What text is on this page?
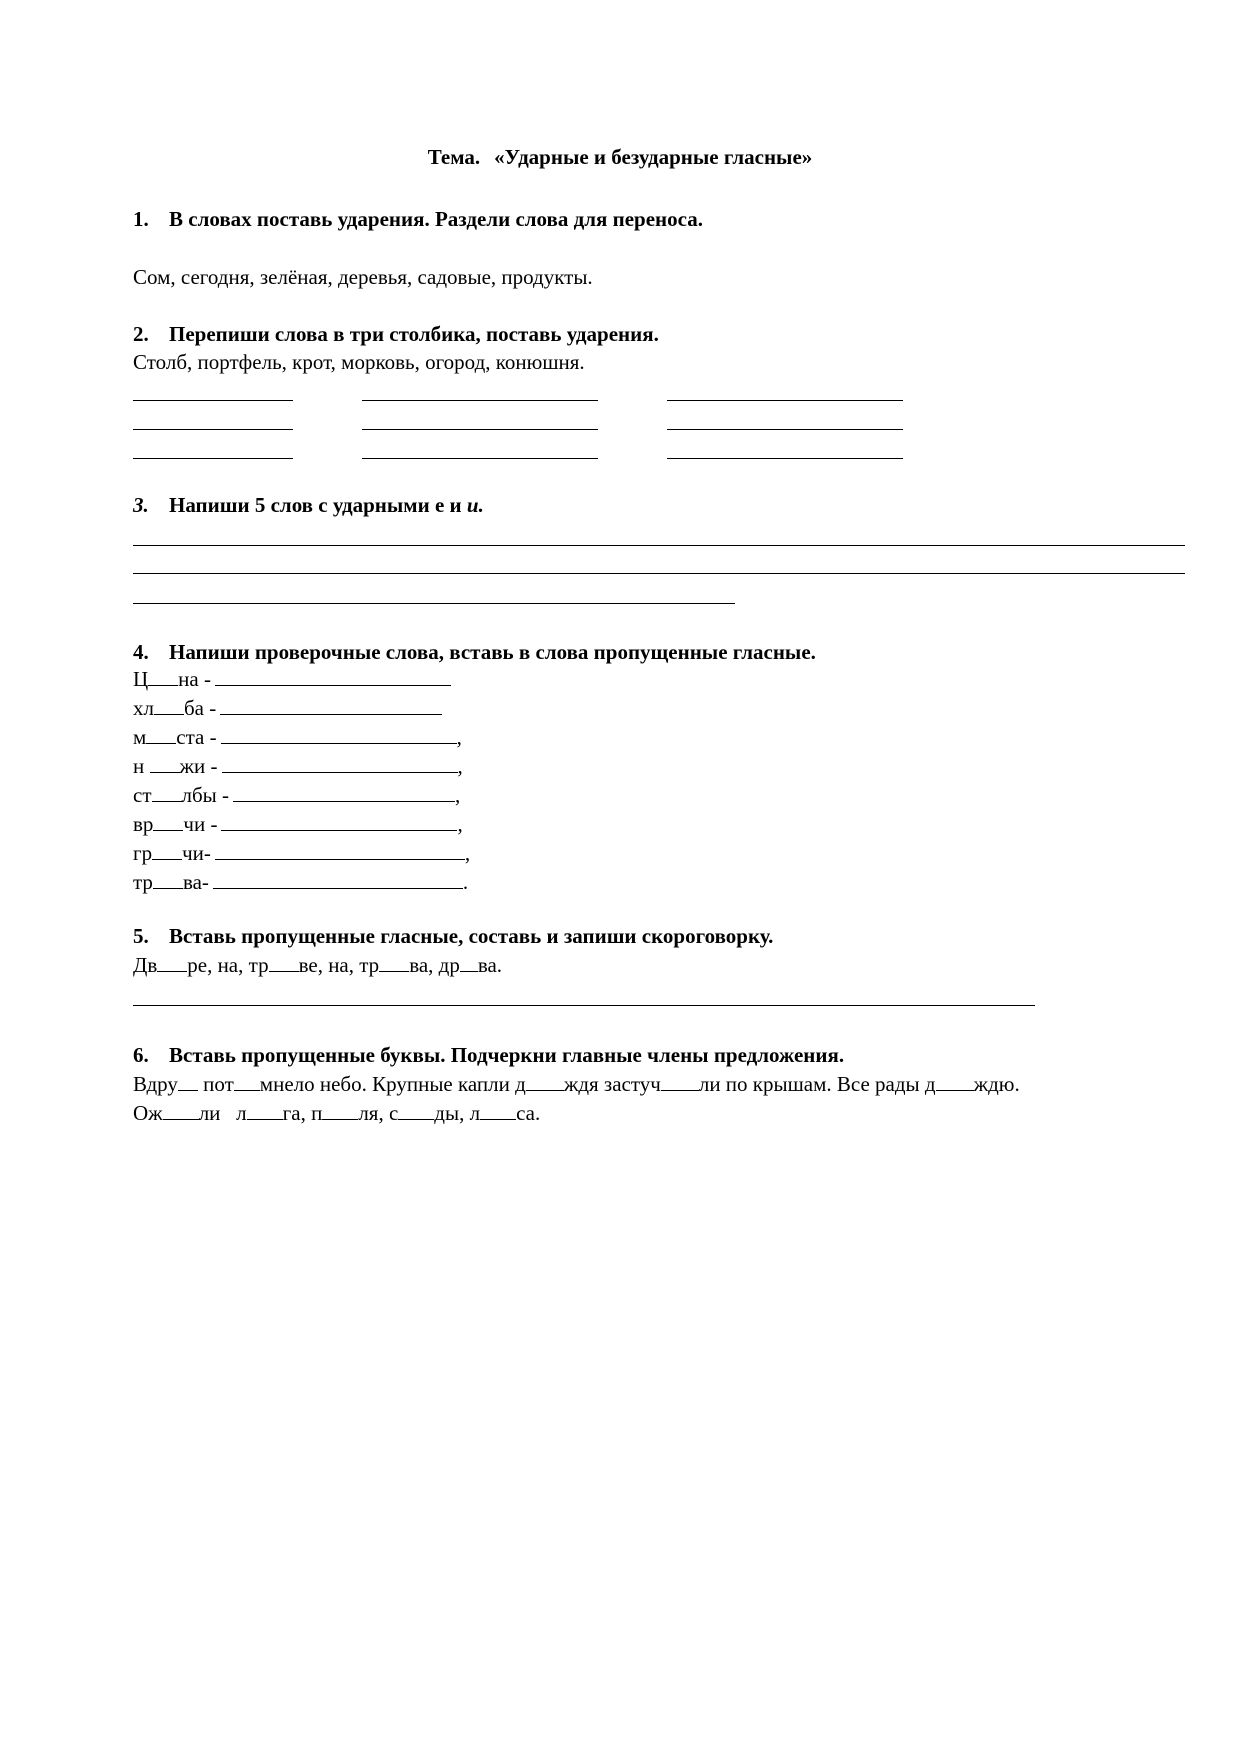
Тема. «Ударные и безударные гласные»
1. В словах поставь ударения. Раздели слова для переноса.
Сом, сегодня, зелёная, деревья, садовые, продукты.
2. Перепиши слова в три столбика, поставь ударения.
Столб, портфель, крот, морковь, огород, конюшня.
3. Напиши 5 слов с ударными е и и.
4. Напиши проверочные слова, вставь в слова пропущенные гласные.
Ц на -
хл ба -
м ста -	,
н жи -	,
ст лбы -	,
вр чи -	,
гр чи-	,
тр ва-	.
5. Вставь пропущенные гласные, составь и запиши скороговорку.
Дв ре, на, тр ве, на, тр ва, др ва.
6. Вставь пропущенные буквы. Подчеркни главные члены предложения.
Вдру пот мнело небо. Крупные капли д ждя застуч ли по крышам. Все рады д ждю.
Ож ли   л га, п ля, с ды, л са.
